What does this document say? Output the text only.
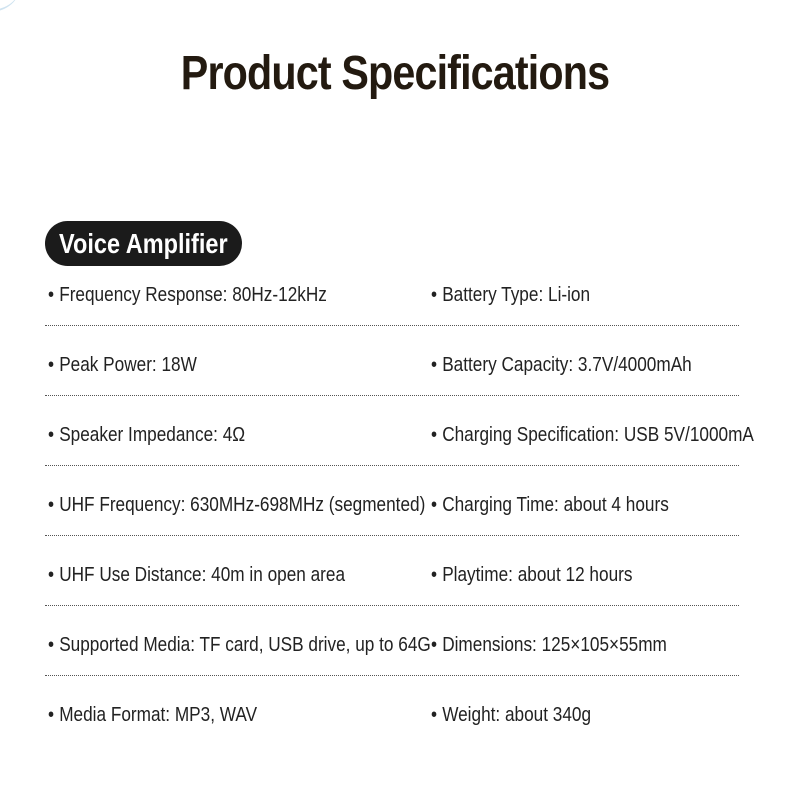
Product Specifications
Voice Amplifier
• Frequency Response: 80Hz-12kHz	• Battery Type: Li-ion
• Peak Power: 18W	• Battery Capacity: 3.7V/4000mAh
• Speaker Impedance: 4Ω	• Charging Specification: USB 5V/1000mA
• UHF Frequency: 630MHz-698MHz (segmented) • Charging Time: about 4 hours
• UHF Use Distance: 40m in open area	• Playtime: about 12 hours
• Supported Media: TF card, USB drive, up to 64G • Dimensions: 125×105×55mm
• Media Format: MP3, WAV	• Weight: about 340g
